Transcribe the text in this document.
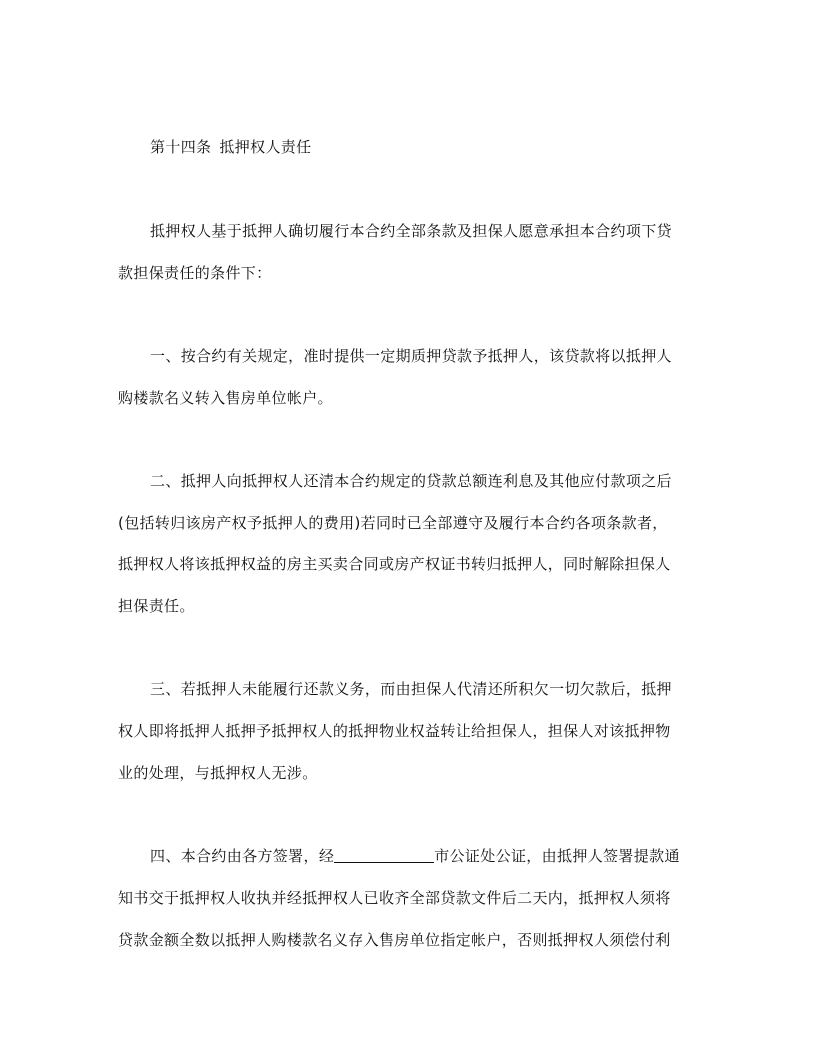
第十四条 抵押权人责任
抵押权人基于抵押人确切履行本合约全部条款及担保人愿意承担本合约项下贷
款担保责任的条件下：
一、按合约有关规定，准时提供一定期质押贷款予抵押人，该贷款将以抵押人
购楼款名义转入售房单位帐户。
二、抵押人向抵押权人还清本合约规定的贷款总额连利息及其他应付款项之后
(包括转归该房产权予抵押人的费用)若同时已全部遵守及履行本合约各项条款者，
抵押权人将该抵押权益的房主买卖合同或房产权证书转归抵押人，同时解除担保人
担保责任。
三、若抵押人未能履行还款义务，而由担保人代清还所积欠一切欠款后，抵押
权人即将抵押人抵押予抵押权人的抵押物业权益转让给担保人，担保人对该抵押物
业的处理，与抵押权人无涉。
四、本合约由各方签署，经	市公证处公证，由抵押人签署提款通
知书交于抵押权人收执并经抵押权人已收齐全部贷款文件后二天内，抵押权人须将
贷款金额全数以抵押人购楼款名义存入售房单位指定帐户，否则抵押权人须偿付利
